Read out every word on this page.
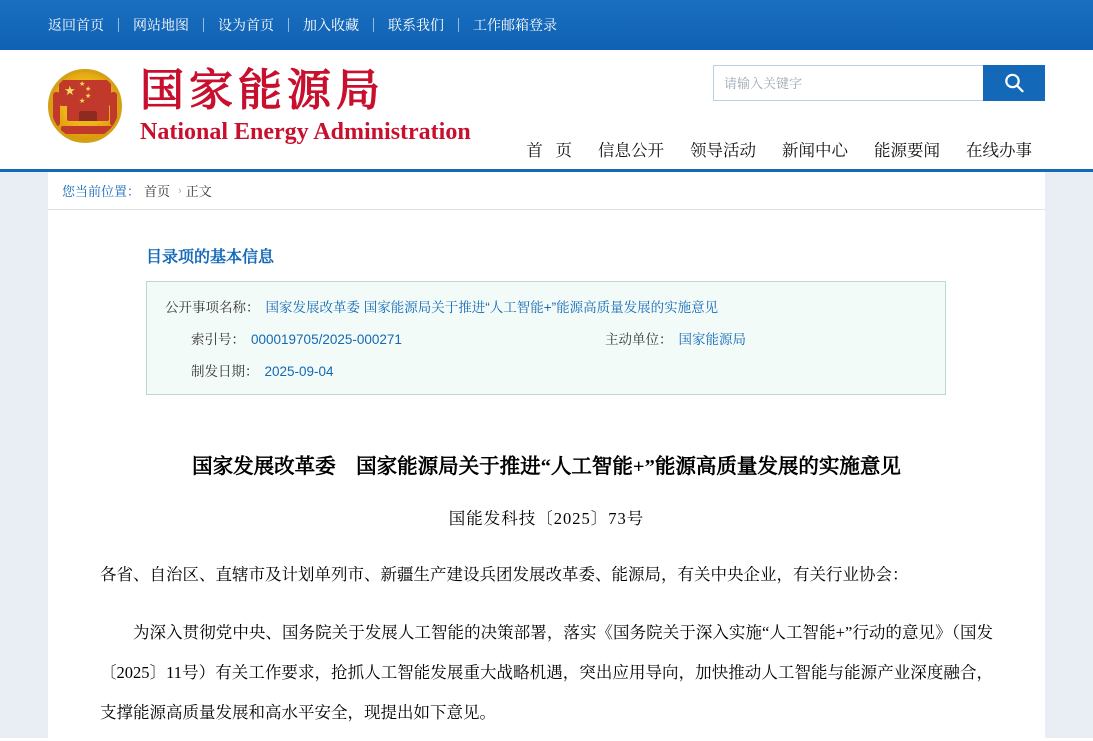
返回首页	网站地图	设为首页	加入收藏	联系我们	工作邮箱登录
★ ★
★
★
★ 国家能源局
National Energy Administration
请输入关键字
首 页	信息公开	领导活动	新闻中心	能源要闻	在线办事
您当前位置： 首页 › 正文
目录项的基本信息
公开事项名称： 国家发展改革委 国家能源局关于推进“人工智能+”能源高质量发展的实施意见
索引号： 000019705/2025-000271	主动单位： 国家能源局
制发日期： 2025-09-04
国家发展改革委　国家能源局关于推进“人工智能+”能源高质量发展的实施意见
国能发科技〔2025〕73号
各省、自治区、直辖市及计划单列市、新疆生产建设兵团发展改革委、能源局，有关中央企业，有关行业协会：
为深入贯彻党中央、国务院关于发展人工智能的决策部署，落实《国务院关于深入实施“人工智能+”行动的意见》（国发〔2025〕11号）有关工作要求，抢抓人工智能发展重大战略机遇，突出应用导向，加快推动人工智能与能源产业深度融合，支撑能源高质量发展和高水平安全，现提出如下意见。
